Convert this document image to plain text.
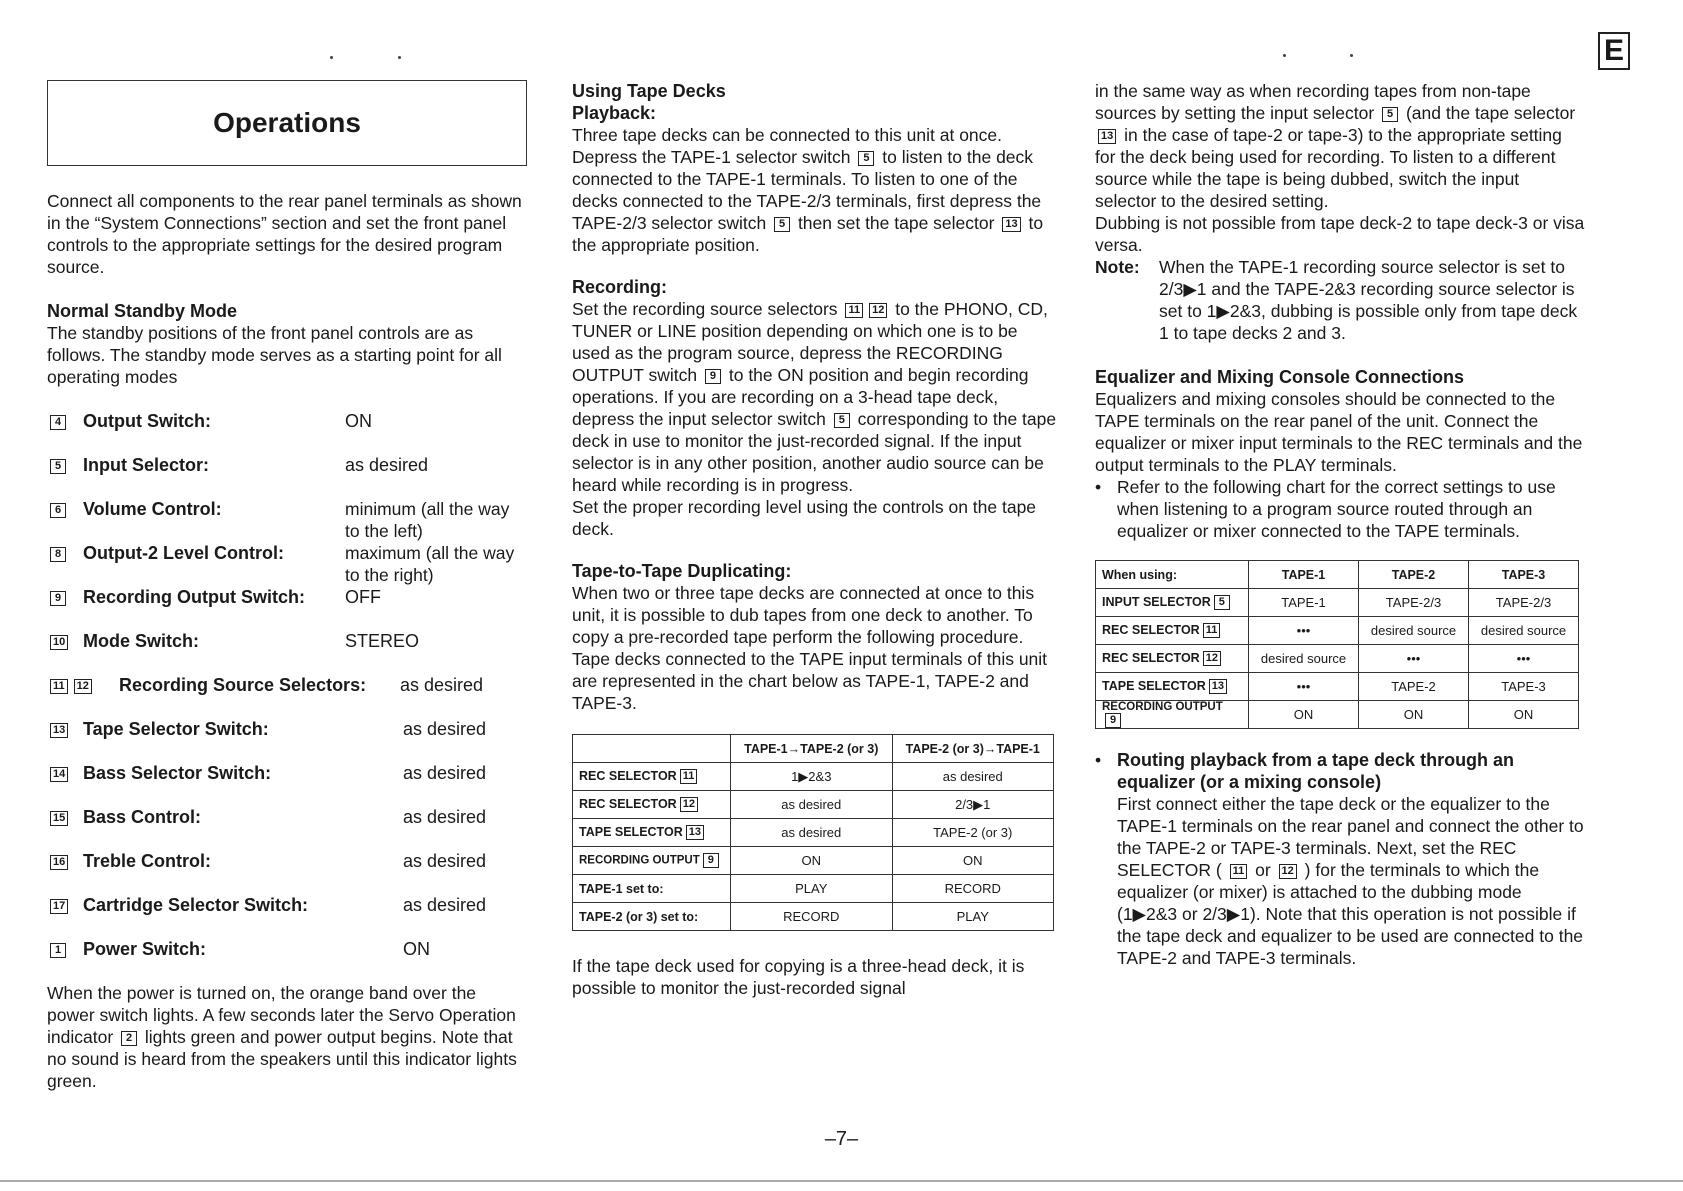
E
Operations

Connect all components to the rear panel terminals as shown in the “System Connections” section and set the front panel controls to the appropriate settings for the desired program source.

Normal Standby Mode

The standby positions of the front panel controls are as follows. The standby mode serves as a starting point for all operating modes

4	Output Switch:	ON
5	Input Selector:	as desired
6	Volume Control:	minimum (all the way to the left)
8	Output-2 Level Control:	maximum (all the way to the right)
9	Recording Output Switch:	OFF
10 Mode Switch:	STEREO
11 12	Recording Source Selectors:	as desired
13 Tape Selector Switch:	as desired
14 Bass Selector Switch:	as desired
15 Bass Control:	as desired
16 Treble Control:	as desired
17 Cartridge Selector Switch:	as desired
1	Power Switch:	ON

When the power is turned on, the orange band over the power switch lights. A few seconds later the Servo Operation indicator 2 lights green and power output begins. Note that no sound is heard from the speakers until this indicator lights green.

Using Tape Decks

Playback:

Three tape decks can be connected to this unit at once. Depress the TAPE-1 selector switch 5 to listen to the deck connected to the TAPE-1 terminals. To listen to one of the decks connected to the TAPE-2/3 terminals, first depress the TAPE-2/3 selector switch 5 then set the tape selector 13 to the appropriate position.

Recording:

Set the recording source selectors 11 12 to the PHONO, CD, TUNER or LINE position depending on which one is to be used as the program source, depress the RECORDING OUTPUT switch 9 to the ON position and begin recording operations. If you are recording on a 3-head tape deck, depress the input selector switch 5 corresponding to the tape deck in use to monitor the just-recorded signal. If the input selector is in any other position, another audio source can be heard while recording is in progress.

Set the proper recording level using the controls on the tape deck.

Tape-to-Tape Duplicating:

When two or three tape decks are connected at once to this unit, it is possible to dub tapes from one deck to another. To copy a pre-recorded tape perform the following procedure.

Tape decks connected to the TAPE input terminals of this unit are represented in the chart below as TAPE-1, TAPE-2 and TAPE-3.

	TAPE-1→TAPE-2 (or 3)	TAPE-2 (or 3)→TAPE-1
REC SELECTOR 11	1▶2&3	as desired
REC SELECTOR 12	as desired	2/3▶1
TAPE SELECTOR 13	as desired	TAPE-2 (or 3)
RECORDING OUTPUT 9	ON	ON
TAPE-1 set to:	PLAY	RECORD
TAPE-2 (or 3) set to:	RECORD	PLAY

If the tape deck used for copying is a three-head deck, it is possible to monitor the just-recorded signal

in the same way as when recording tapes from non-tape sources by setting the input selector 5 (and the tape selector 13 in the case of tape-2 or tape-3) to the appropriate setting for the deck being used for recording. To listen to a different source while the tape is being dubbed, switch the input selector to the desired setting.

Dubbing is not possible from tape deck-2 to tape deck-3 or visa versa.

Note:	When the TAPE-1 recording source selector is set to 2/3▶1 and the TAPE-2&3 recording source selector is set to 1▶2&3, dubbing is possible only from tape deck 1 to tape decks 2 and 3.

Equalizer and Mixing Console Connections

Equalizers and mixing consoles should be connected to the TAPE terminals on the rear panel of the unit. Connect the equalizer or mixer input terminals to the REC terminals and the output terminals to the PLAY terminals.

• Refer to the following chart for the correct settings to use when listening to a program source routed through an equalizer or mixer connected to the TAPE terminals.
When using:	TAPE-1	TAPE-2	TAPE-3
INPUT SELECTOR 5	TAPE-1	TAPE-2/3	TAPE-2/3
REC SELECTOR 11	•••	desired source	desired source
REC SELECTOR 12	desired source	•••	•••
TAPE SELECTOR 13	•••	TAPE-2	TAPE-3
RECORDING OUTPUT9	ON	ON	ON
• Routing playback from a tape deck through an equalizer (or a mixing console)

First connect either the tape deck or the equalizer to the TAPE-1 terminals on the rear panel and connect the other to the TAPE-2 or TAPE-3 terminals. Next, set the REC SELECTOR ( 11 or 12 ) for the terminals to which the equalizer (or mixer) is attached to the dubbing mode (1▶2&3 or 2/3▶1). Note that this operation is not possible if the tape deck and equalizer to be used are connected to the TAPE-2 and TAPE-3 terminals.

–7–
